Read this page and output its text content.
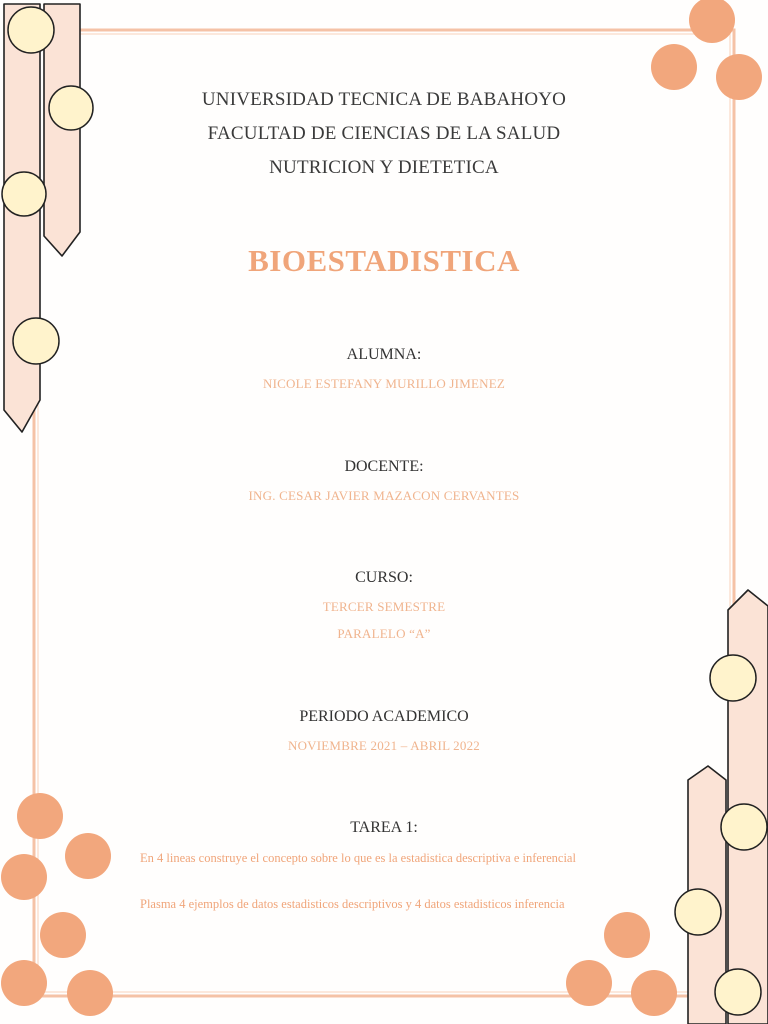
UNIVERSIDAD TECNICA DE BABAHOYO
FACULTAD DE CIENCIAS DE LA SALUD
NUTRICION Y DIETETICA
BIOESTADISTICA
ALUMNA:
NICOLE ESTEFANY MURILLO JIMENEZ
DOCENTE:
ING. CESAR JAVIER MAZACON CERVANTES
CURSO:
TERCER SEMESTRE
PARALELO “A”
PERIODO ACADEMICO
NOVIEMBRE 2021 – ABRIL 2022
TAREA 1:
En 4 lineas construye el concepto sobre lo que es la estadistica descriptiva e inferencial
Plasma 4 ejemplos de datos estadisticos descriptivos y 4 datos estadisticos inferencia
